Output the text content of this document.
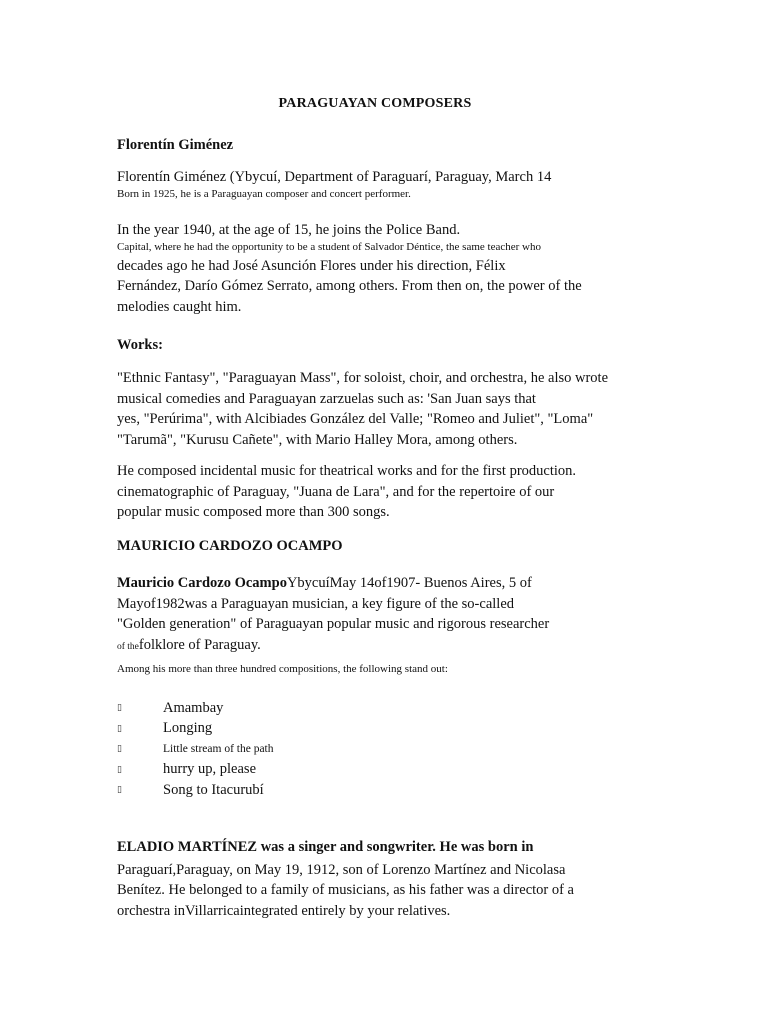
PARAGUAYAN COMPOSERS
Florentín Giménez
Florentín Giménez (Ybycuí, Department of Paraguarí, Paraguay, March 14
Born in 1925, he is a Paraguayan composer and concert performer.
In the year 1940, at the age of 15, he joins the Police Band.
Capital, where he had the opportunity to be a student of Salvador Déntice, the same teacher who
decades ago he had José Asunción Flores under his direction, Félix
Fernández, Darío Gómez Serrato, among others. From then on, the power of the
melodies caught him.
Works:
"Ethnic Fantasy", "Paraguayan Mass", for soloist, choir, and orchestra, he also wrote
musical comedies and Paraguayan zarzuelas such as: 'San Juan says that
yes, "Perúrima", with Alcibiades González del Valle; "Romeo and Juliet", "Loma"
"Tarumã", "Kurusu Cañete", with Mario Halley Mora, among others.
He composed incidental music for theatrical works and for the first production.
cinematographic of Paraguay, "Juana de Lara", and for the repertoire of our
popular music composed more than 300 songs.
MAURICIO CARDOZO OCAMPO
Mauricio Cardozo OcampoYbycuíMay 14of1907- Buenos Aires, 5 of
Mayof1982was a Paraguayan musician, a key figure of the so-called
"Golden generation" of Paraguayan popular music and rigorous researcher
of thefolklore of Paraguay.
Among his more than three hundred compositions, the following stand out:
▯	Amambay
▯	Longing
▯	Little stream of the path
▯	hurry up, please
▯	Song to Itacurubí
ELADIO MARTÍNEZ was a singer and songwriter. He was born in
Paraguarí,Paraguay, on May 19, 1912, son of Lorenzo Martínez and Nicolasa
Benítez. He belonged to a family of musicians, as his father was a director of a
orchestra inVillarricaintegrated entirely by your relatives.
